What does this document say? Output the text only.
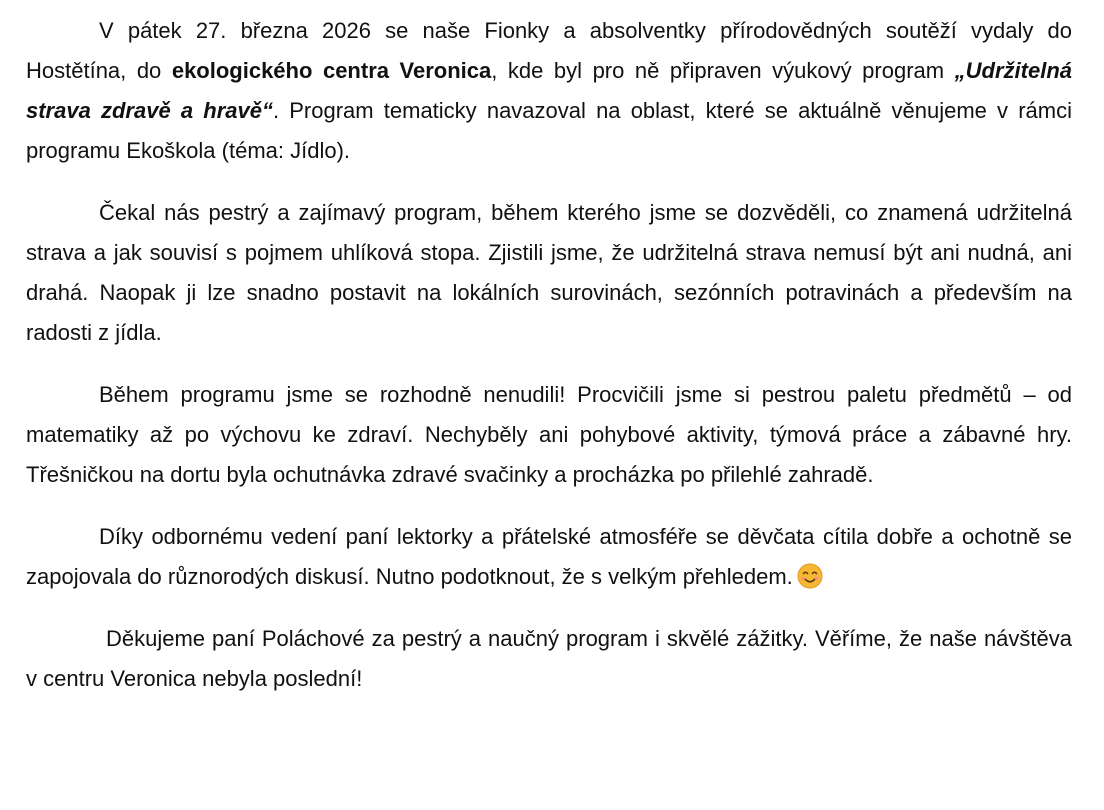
V pátek 27. března 2026 se naše Fionky a absolventky přírodovědných soutěží vydaly do Hostětína, do ekologického centra Veronica, kde byl pro ně připraven výukový program „Udržitelná strava zdravě a hravě“. Program tematicky navazoval na oblast, které se aktuálně věnujeme v rámci programu Ekoškola (téma: Jídlo).

Čekal nás pestrý a zajímavý program, během kterého jsme se dozvěděli, co znamená udržitelná strava a jak souvisí s pojmem uhlíková stopa. Zjistili jsme, že udržitelná strava nemusí být ani nudná, ani drahá. Naopak ji lze snadno postavit na lokálních surovinách, sezónních potravinách a především na radosti z jídla.

Během programu jsme se rozhodně nenudili! Procvičili jsme si pestrou paletu předmětů – od matematiky až po výchovu ke zdraví. Nechyběly ani pohybové aktivity, týmová práce a zábavné hry. Třešničkou na dortu byla ochutnávka zdravé svačinky a procházka po přilehlé zahradě.

Díky odbornému vedení paní lektorky a přátelské atmosféře se děvčata cítila dobře a ochotně se zapojovala do různorodých diskusí. Nutno podotknout, že s velkým přehledem.

Děkujeme paní Poláchové za pestrý a naučný program i skvělé zážitky. Věříme, že naše návštěva v centru Veronica nebyla poslední!
